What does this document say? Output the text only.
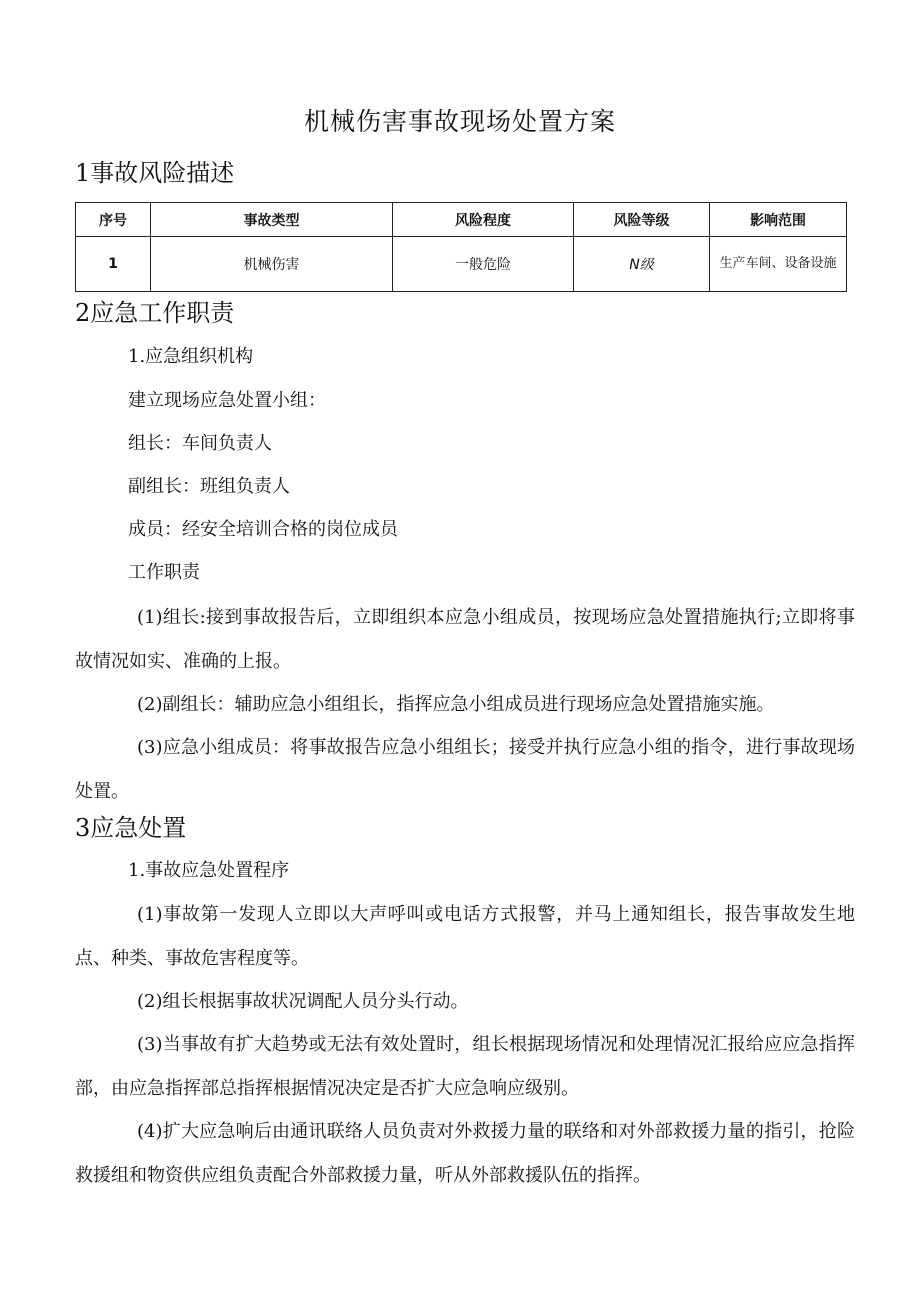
机械伤害事故现场处置方案
1事故风险描述
序号	事故类型	风险程度	风险等级	影响范围
1	机械伤害	一般危险	N级	生产车间、设备设施
2应急工作职责

1.应急组织机构

建立现场应急处置小组：

组长：车间负责人

副组长：班组负责人

成员：经安全培训合格的岗位成员

工作职责

(1)组长:接到事故报告后，立即组织本应急小组成员，按现场应急处置措施执行;立即将事故情况如实、准确的上报。

(2)副组长：辅助应急小组组长，指挥应急小组成员进行现场应急处置措施实施。

(3)应急小组成员：将事故报告应急小组组长；接受并执行应急小组的指令，进行事故现场处置。

3应急处置

1.事故应急处置程序

(1)事故第一发现人立即以大声呼叫或电话方式报警，并马上通知组长，报告事故发生地点、种类、事故危害程度等。

(2)组长根据事故状况调配人员分头行动。

(3)当事故有扩大趋势或无法有效处置时，组长根据现场情况和处理情况汇报给应应急指挥部，由应急指挥部总指挥根据情况决定是否扩大应急响应级别。

(4)扩大应急响后由通讯联络人员负责对外救援力量的联络和对外部救援力量的指引，抢险救援组和物资供应组负责配合外部救援力量，听从外部救援队伍的指挥。
